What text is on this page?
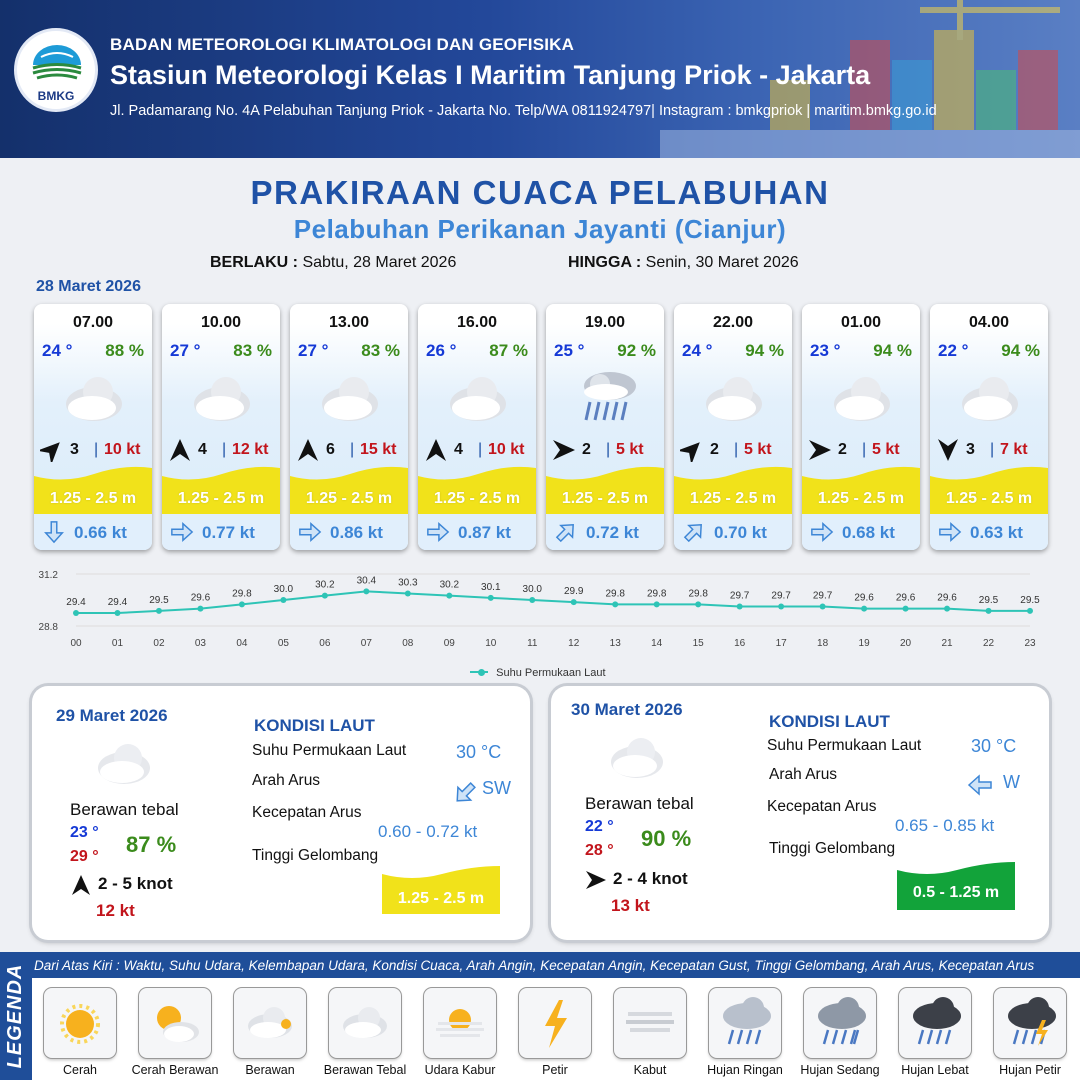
BMKG
BADAN METEOROLOGI KLIMATOLOGI DAN GEOFISIKA
Stasiun Meteorologi Kelas I Maritim Tanjung Priok - Jakarta
Jl. Padamarang No. 4A Pelabuhan Tanjung Priok - Jakarta No. Telp/WA 0811924797| Instagram : bmkgpriok | maritim.bmkg.go.id
PRAKIRAAN CUACA PELABUHAN
Pelabuhan Perikanan Jayanti (Cianjur)
BERLAKU : Sabtu, 28 Maret 2026	HINGGA : Senin, 30 Maret 2026
28 Maret 2026
07.00
24 ° 88 %
3 | 10 kt
1.25 - 2.5 m
0.66 kt
10.00
27 ° 83 %
4 | 12 kt
1.25 - 2.5 m
0.77 kt
13.00
27 ° 83 %
6 | 15 kt
1.25 - 2.5 m
0.86 kt
16.00
26 ° 87 %
4 | 10 kt
1.25 - 2.5 m
0.87 kt
19.00
25 ° 92 %
2 | 5 kt
1.25 - 2.5 m
0.72 kt
22.00
24 ° 94 %
2 | 5 kt
1.25 - 2.5 m
0.70 kt
01.00
23 ° 94 %
2 | 5 kt
1.25 - 2.5 m
0.68 kt
04.00
22 ° 94 %
3 | 7 kt
1.25 - 2.5 m
0.63 kt
31.2
28.8
29.4
00
29.4
01
29.5
02
29.6
03
29.8
04
30.0
05
30.2
06
30.4
07
30.3
08
30.2
09
30.1
10
30.0
11
29.9
12
29.8
13
29.8
14
29.8
15
29.7
16
29.7
17
29.7
18
29.6
19
29.6
20
29.6
21
29.5
22
29.5
23
Suhu Permukaan Laut
29 Maret 2026
Berawan tebal
23 °
29 ° 87 %
2 - 5 knot
12 kt
KONDISI LAUT
Suhu Permukaan Laut	30 °C
Arah Arus	SW
Kecepatan Arus
0.60 - 0.72 kt
Tinggi Gelombang
1.25 - 2.5 m
30 Maret 2026
Berawan tebal
22 °
28 ° 90 %
2 - 4 knot
13 kt
KONDISI LAUT
Suhu Permukaan Laut	30 °C
Arah Arus	W
Kecepatan Arus
0.65 - 0.85 kt
Tinggi Gelombang
0.5 - 1.25 m
LEGENDA Dari Atas Kiri : Waktu, Suhu Udara, Kelembapan Udara, Kondisi Cuaca, Arah Angin, Kecepatan Angin, Kecepatan Gust, Tinggi Gelombang, Arah Arus, Kecepatan Arus
Cerah	Cerah Berawan	Berawan	Berawan Tebal	Udara Kabur	Petir	Kabut	Hujan Ringan	Hujan Sedang	Hujan Lebat	Hujan Petir
